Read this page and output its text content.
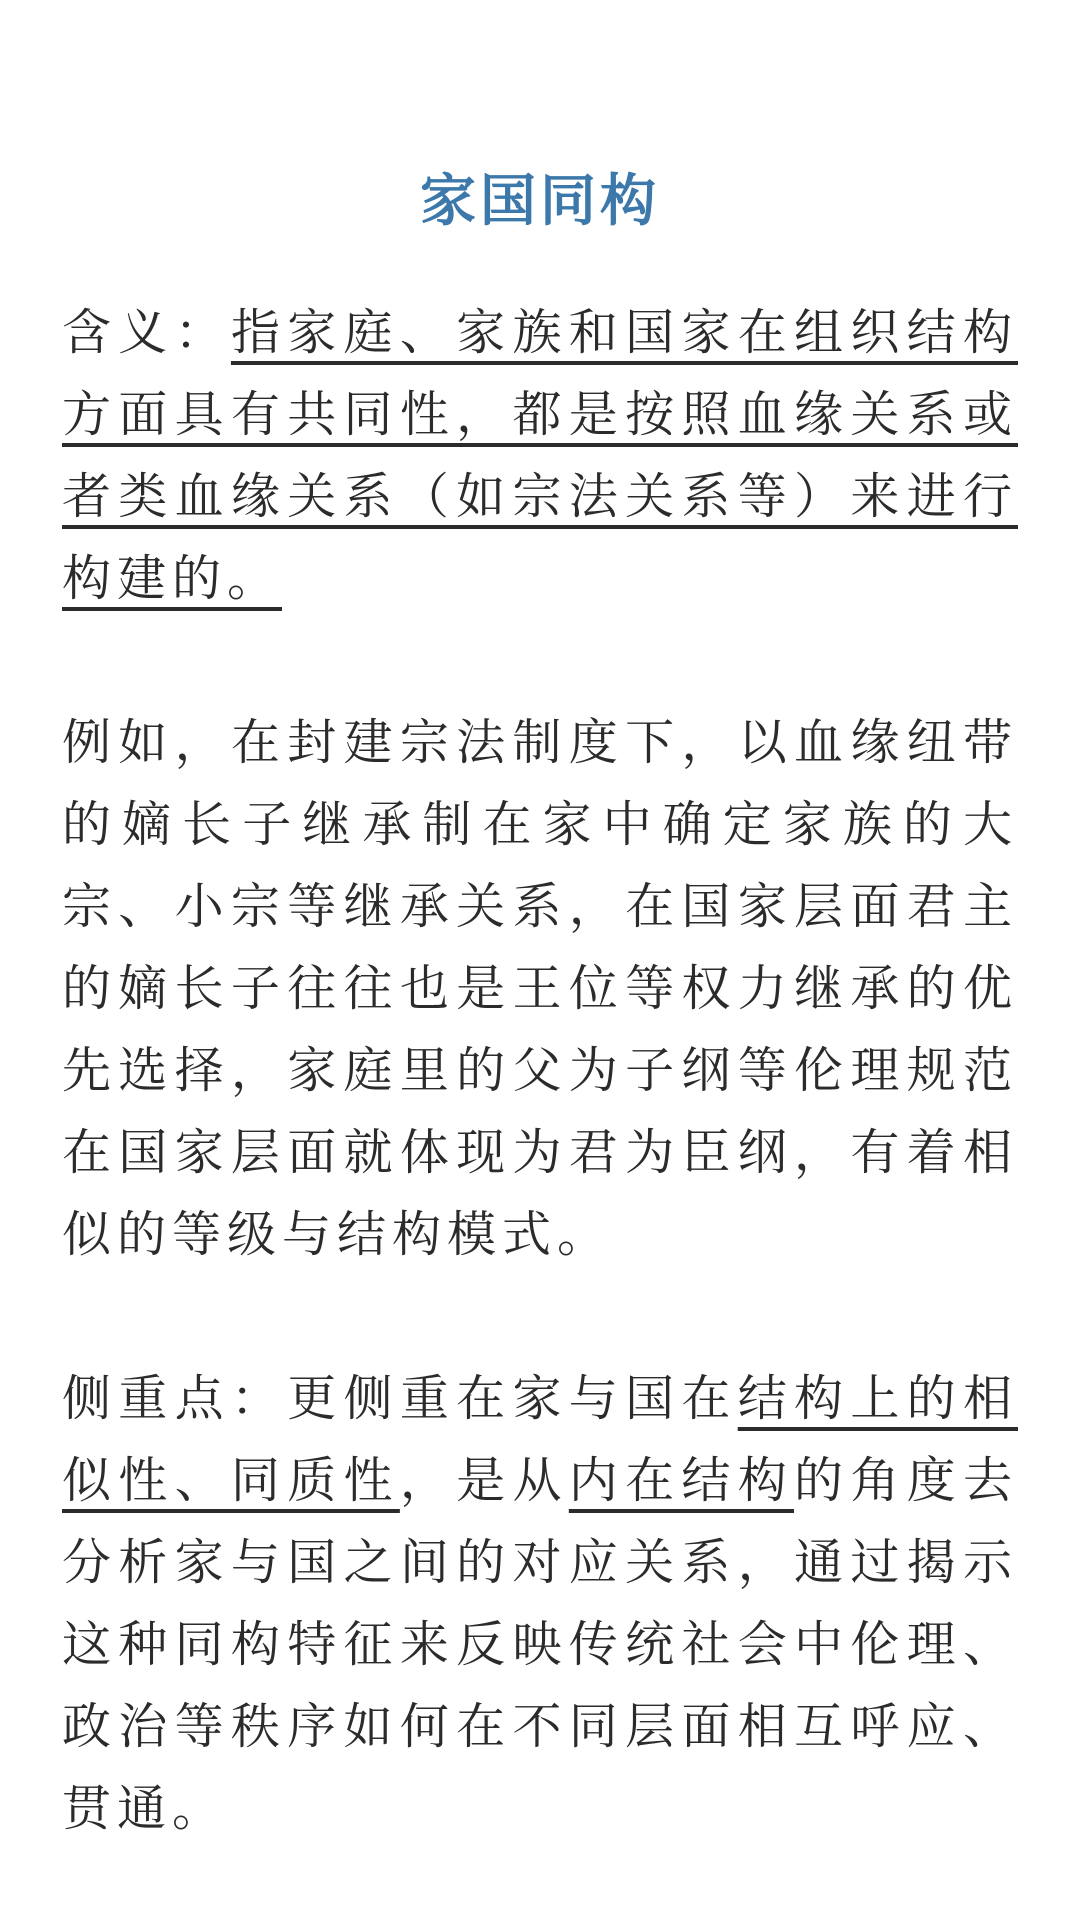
家国同构

含义：指家庭、家族和国家在组织结构方面具有共同性，都是按照血缘关系或者类血缘关系（如宗法关系等）来进行构建的。

例如，在封建宗法制度下，以血缘纽带的嫡长子继承制在家中确定家族的大宗、小宗等继承关系，在国家层面君主的嫡长子往往也是王位等权力继承的优先选择，家庭里的父为子纲等伦理规范在国家层面就体现为君为臣纲，有着相似的等级与结构模式。

侧重点：更侧重在家与国在结构上的相似性、同质性，是从内在结构的角度去分析家与国之间的对应关系，通过揭示这种同构特征来反映传统社会中伦理、政治等秩序如何在不同层面相互呼应、贯通。
